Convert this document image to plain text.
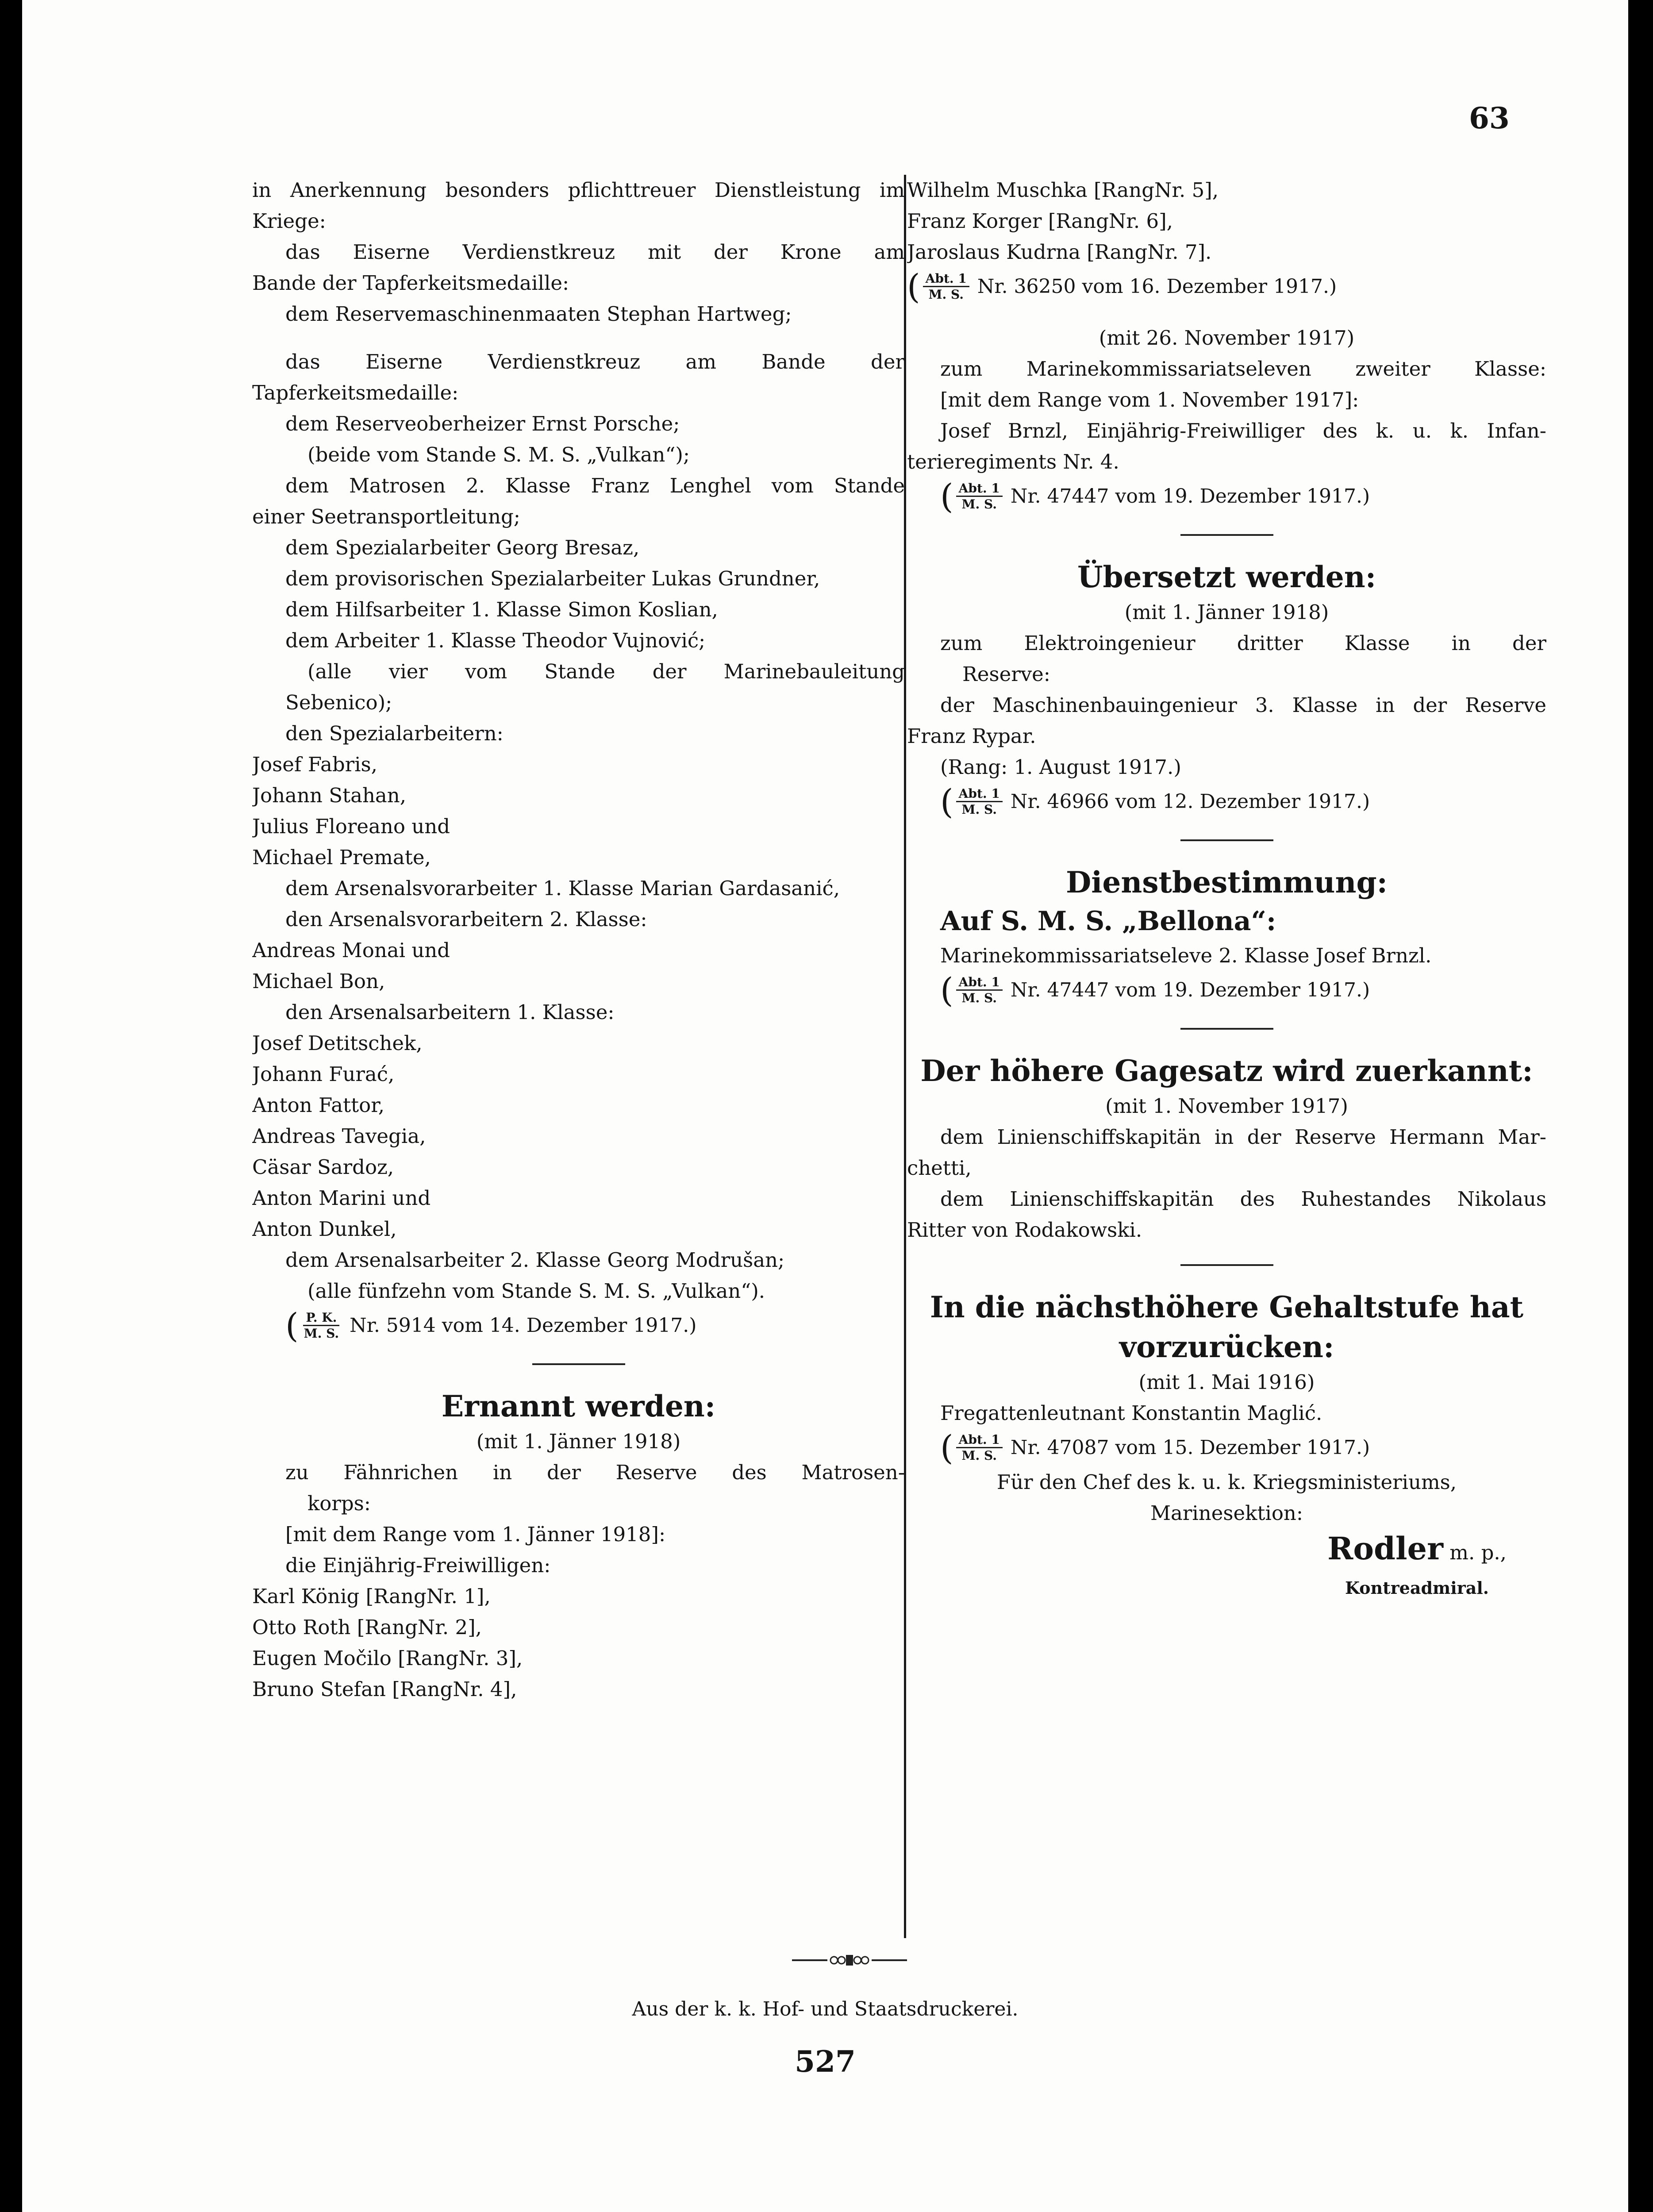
63
in Anerkennung besonders pflichttreuer Dienstleistung im
Kriege:
das Eiserne Verdienstkreuz mit der Krone am
Bande der Tapferkeitsmedaille:
dem Reservemaschinenmaaten Stephan Hartweg;
das Eiserne Verdienstkreuz am Bande der
Tapferkeitsmedaille:
dem Reserveoberheizer Ernst Porsche;
(beide vom Stande S. M. S. „Vulkan“);
dem Matrosen 2. Klasse Franz Lenghel vom Stande
einer Seetransportleitung;
dem Spezialarbeiter Georg Bresaz,
dem provisorischen Spezialarbeiter Lukas Grundner,
dem Hilfsarbeiter 1. Klasse Simon Koslian,
dem Arbeiter 1. Klasse Theodor Vujnović;
(alle vier vom Stande der Marinebauleitung
Sebenico);
den Spezialarbeitern:
Josef Fabris,
Johann Stahan,
Julius Floreano und
Michael Premate,
dem Arsenalsvorarbeiter 1. Klasse Marian Gardasanić,
den Arsenalsvorarbeitern 2. Klasse:
Andreas Monai und
Michael Bon,
den Arsenalsarbeitern 1. Klasse:
Josef Detitschek,
Johann Furać,
Anton Fattor,
Andreas Tavegia,
Cäsar Sardoz,
Anton Marini und
Anton Dunkel,
dem Arsenalsarbeiter 2. Klasse Georg Modrušan;
(alle fünfzehn vom Stande S. M. S. „Vulkan“).
( $\frac{P. K.}{M. S.} Nr$. 5914 vom 14. Dezember 1917.)
Ernannt werden:
(mit 1. Jänner 1918)
zu Fähnrichen in der Reserve des Matrosen-
korps:
[mit dem Range vom 1. Jänner 1918]:
die Einjährig-Freiwilligen:
Karl König [RangNr. 1],
Otto Roth [RangNr. 2],
Eugen Močilo [RangNr. 3],
Bruno Stefan [RangNr. 4],
Wilhelm Muschka [RangNr. 5],
Franz Korger [RangNr. 6],
Jaroslaus Kudrna [RangNr. 7].
( $\frac{\text{Abt. 1}}{M. S.} Nr$. 36250 vom 16. Dezember 1917.)
(mit 26. November 1917)
zum Marinekommissariatseleven zweiter Klasse:
[mit dem Range vom 1. November 1917]:
Josef Brnzl, Einjährig-Freiwilliger des k. u. k. Infan-
terieregiments Nr. 4.
( $\frac{\text{Abt. 1}}{M. S.} Nr$. 47447 vom 19. Dezember 1917.)
Übersetzt werden:
(mit 1. Jänner 1918)
zum Elektroingenieur dritter Klasse in der
Reserve:
der Maschinenbauingenieur 3. Klasse in der Reserve
Franz Rypar.
(Rang: 1. August 1917.)
( $\frac{\text{Abt. 1}}{M. S.} Nr$. 46966 vom 12. Dezember 1917.)
Dienstbestimmung:
Auf S. M. S. „Bellona“:
Marinekommissariatseleve 2. Klasse Josef Brnzl.
( $\frac{\text{Abt. 1}}{M. S.} Nr$. 47447 vom 19. Dezember 1917.)
Der höhere Gagesatz wird zuerkannt:
(mit 1. November 1917)
dem Linienschiffskapitän in der Reserve Hermann Mar-
chetti,
dem Linienschiffskapitän des Ruhestandes Nikolaus
Ritter von Rodakowski.
In die nächsthöhere Gehaltstufe hat
vorzurücken:
(mit 1. Mai 1916)
Fregattenleutnant Konstantin Maglić.
( $\frac{\text{Abt. 1}}{M. S.} Nr$. 47087 vom 15. Dezember 1917.)
Für den Chef des k. u. k. Kriegsministeriums,
Marinesektion:
Rodler m. p.,
Kontreadmiral.
Aus der k. k. Hof- und Staatsdruckerei.
527
